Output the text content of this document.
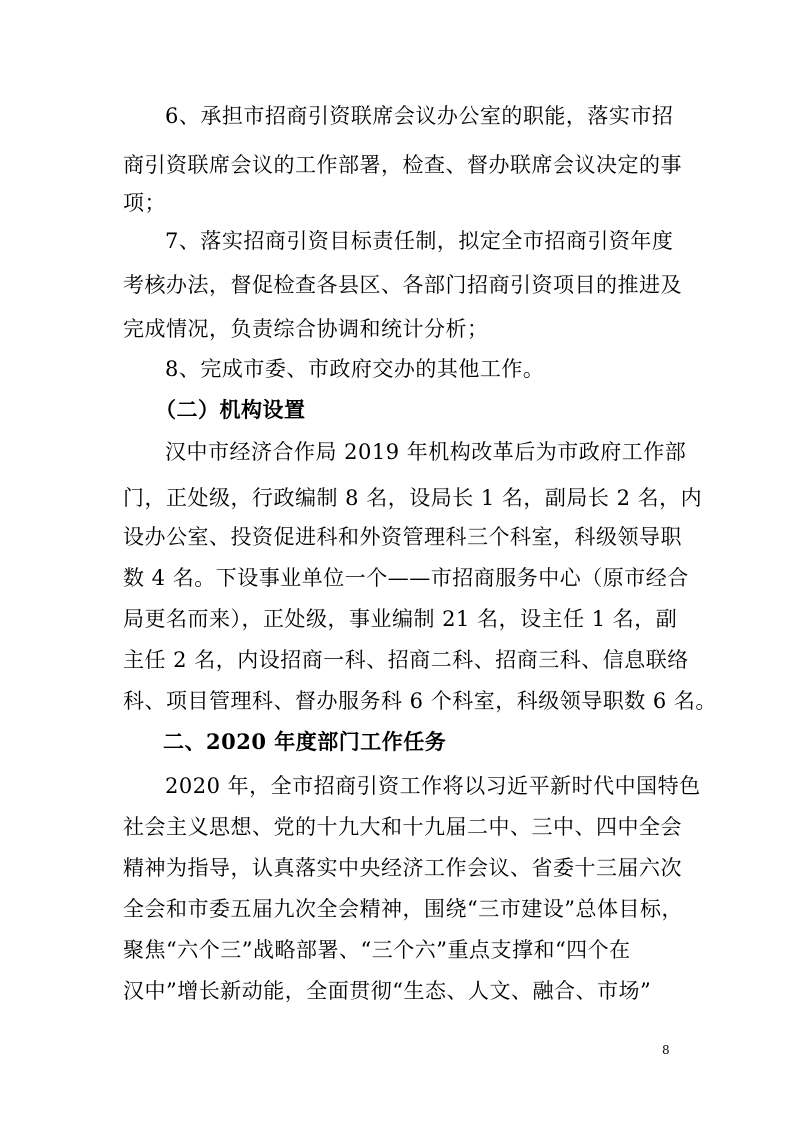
6、承担市招商引资联席会议办公室的职能，落实市招
商引资联席会议的工作部署，检查、督办联席会议决定的事
项；
7、落实招商引资目标责任制，拟定全市招商引资年度
考核办法，督促检查各县区、各部门招商引资项目的推进及
完成情况，负责综合协调和统计分析；
8、完成市委、市政府交办的其他工作。
（二）机构设置
汉中市经济合作局 2019 年机构改革后为市政府工作部
门，正处级，行政编制 8 名，设局长 1 名，副局长 2 名，内
设办公室、投资促进科和外资管理科三个科室，科级领导职
数 4 名。下设事业单位一个——市招商服务中心（原市经合
局更名而来），正处级，事业编制 21 名，设主任 1 名，副
主任 2 名，内设招商一科、招商二科、招商三科、信息联络
科、项目管理科、督办服务科 6 个科室，科级领导职数 6 名。
二、2020 年度部门工作任务
2020 年，全市招商引资工作将以习近平新时代中国特色
社会主义思想、党的十九大和十九届二中、三中、四中全会
精神为指导，认真落实中央经济工作会议、省委十三届六次
全会和市委五届九次全会精神，围绕“三市建设”总体目标，
聚焦“六个三”战略部署、“三个六”重点支撑和“四个在
汉中”增长新动能，全面贯彻“生态、人文、融合、市场”
8
